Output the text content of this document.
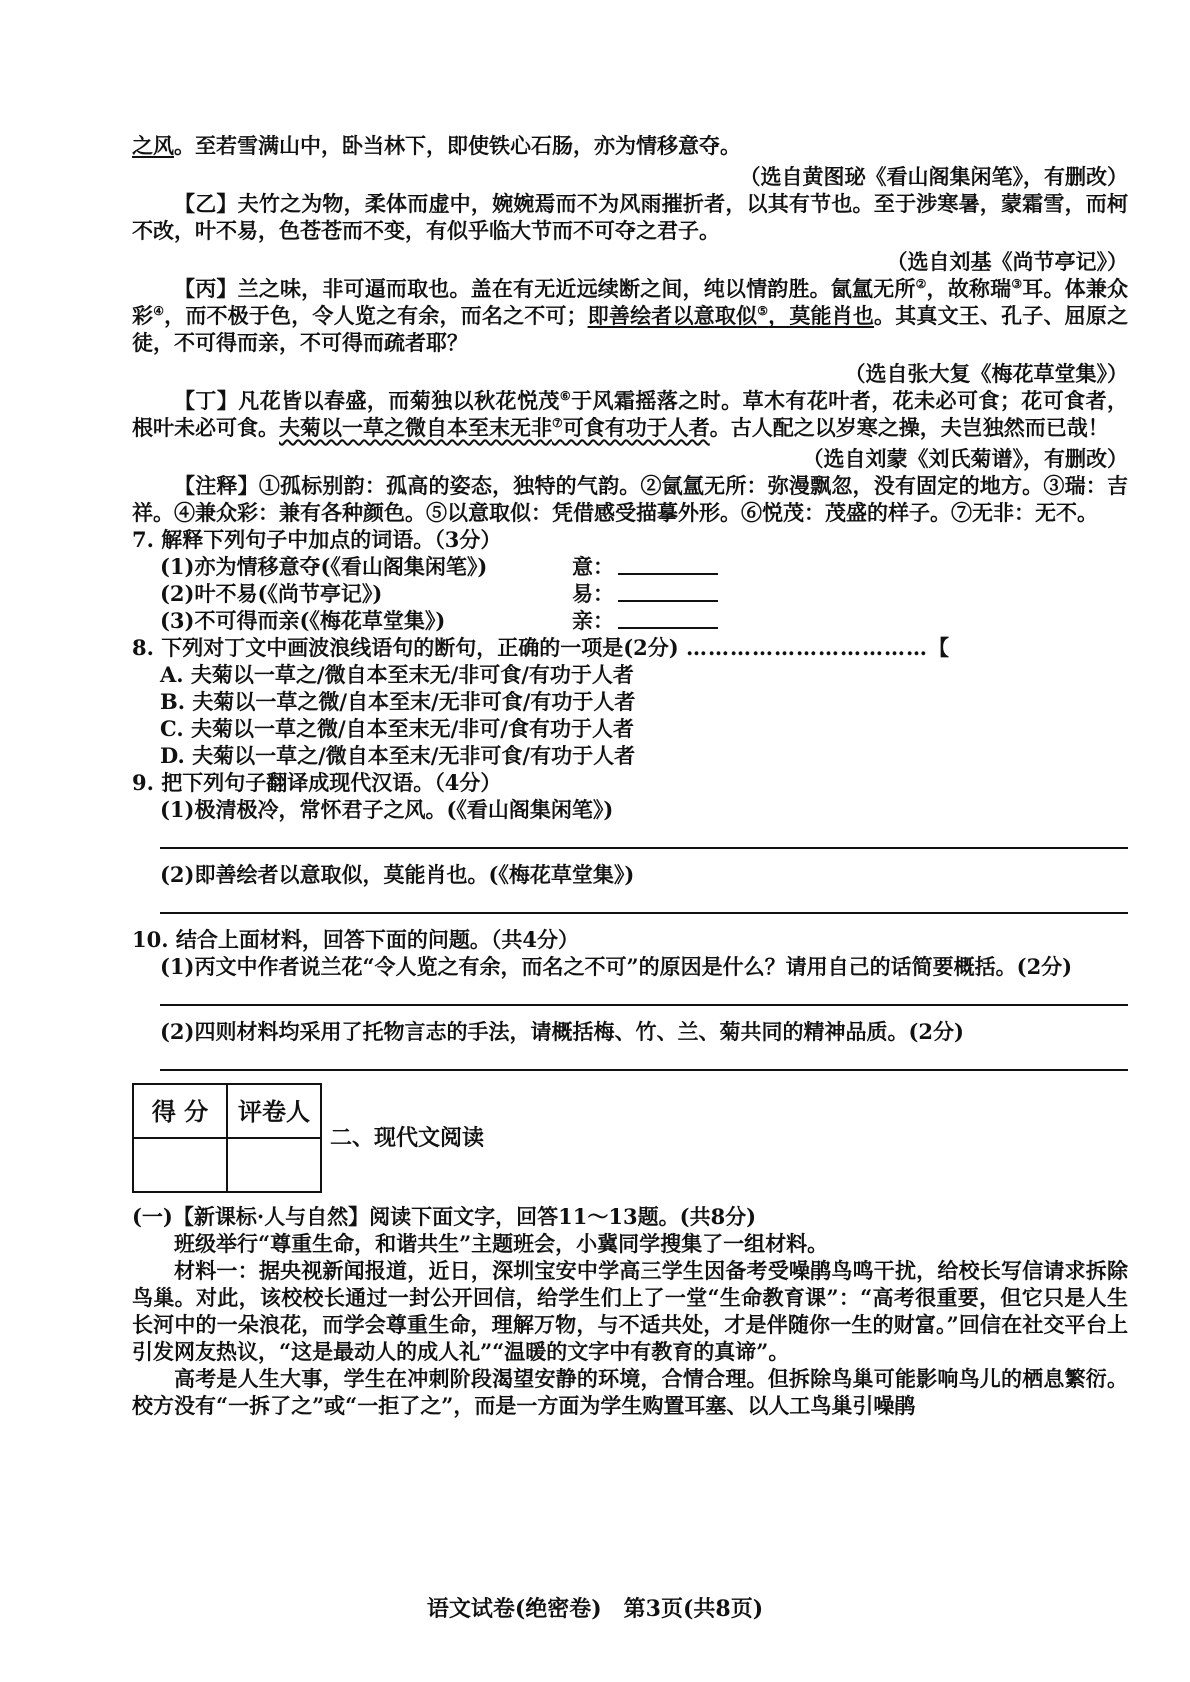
之风。至若雪满山中，卧当林下，即使铁心石肠，亦为情移意夺。

（选自黄图珌《看山阁集闲笔》，有删改）

【乙】夫竹之为物，柔体而虚中，婉婉焉而不为风雨摧折者，以其有节也。至于涉寒暑，蒙霜雪，而柯不改，叶不易，色苍苍而不变，有似乎临大节而不可夺之君子。

（选自刘基《尚节亭记》）

【丙】兰之味，非可逼而取也。盖在有无近远续断之间，纯以情韵胜。氤氲无所②，故称瑞③耳。体兼众彩④，而不极于色，令人览之有余，而名之不可；即善绘者以意取似⑤，莫能肖也。其真文王、孔子、屈原之徒，不可得而亲，不可得而疏者耶？

（选自张大复《梅花草堂集》）

【丁】凡花皆以春盛，而菊独以秋花悦茂⑥于风霜摇落之时。草木有花叶者，花未必可食；花可食者，根叶未必可食。夫菊以一草之微自本至末无非⑦可食有功于人者。古人配之以岁寒之操，夫岂独然而已哉！

（选自刘蒙《刘氏菊谱》，有删改）

【注释】①孤标别韵：孤高的姿态，独特的气韵。②氤氲无所：弥漫飘忽，没有固定的地方。③瑞：吉祥。④兼众彩：兼有各种颜色。⑤以意取似：凭借感受描摹外形。⑥悦茂：茂盛的样子。⑦无非：无不。

7. 解释下列句子中加点的词语。（3分）

(1)亦为情移意夺(《看山阁集闲笔》)	意：
(2)叶不易(《尚节亭记》)	易：
(3)不可得而亲(《梅花草堂集》)	亲：

8. 下列对丁文中画波浪线语句的断句，正确的一项是(2分) ……………………………【

A. 夫菊以一草之/微自本至末无/非可食/有功于人者
B. 夫菊以一草之微/自本至末/无非可食/有功于人者
C. 夫菊以一草之微/自本至末无/非可/食有功于人者
D. 夫菊以一草之/微自本至末/无非可食/有功于人者

9. 把下列句子翻译成现代汉语。（4分）

(1)极清极冷，常怀君子之风。(《看山阁集闲笔》)

(2)即善绘者以意取似，莫能肖也。(《梅花草堂集》)

10. 结合上面材料，回答下面的问题。（共4分）

(1)丙文中作者说兰花“令人览之有余，而名之不可”的原因是什么？请用自己的话简要概括。(2分)

(2)四则材料均采用了托物言志的手法，请概括梅、竹、兰、菊共同的精神品质。(2分)

得 分	评卷人

二、现代文阅读

(一)【新课标·人与自然】阅读下面文字，回答11～13题。(共8分)

班级举行“尊重生命，和谐共生”主题班会，小冀同学搜集了一组材料。

材料一：据央视新闻报道，近日，深圳宝安中学高三学生因备考受噪鹃鸟鸣干扰，给校长写信请求拆除鸟巢。对此，该校校长通过一封公开回信，给学生们上了一堂“生命教育课”：“高考很重要，但它只是人生长河中的一朵浪花，而学会尊重生命，理解万物，与不适共处，才是伴随你一生的财富。”回信在社交平台上引发网友热议，“这是最动人的成人礼”“温暖的文字中有教育的真谛”。

高考是人生大事，学生在冲刺阶段渴望安静的环境，合情合理。但拆除鸟巢可能影响鸟儿的栖息繁衍。校方没有“一拆了之”或“一拒了之”，而是一方面为学生购置耳塞、以人工鸟巢引噪鹃

语文试卷(绝密卷)　第3页(共8页)
